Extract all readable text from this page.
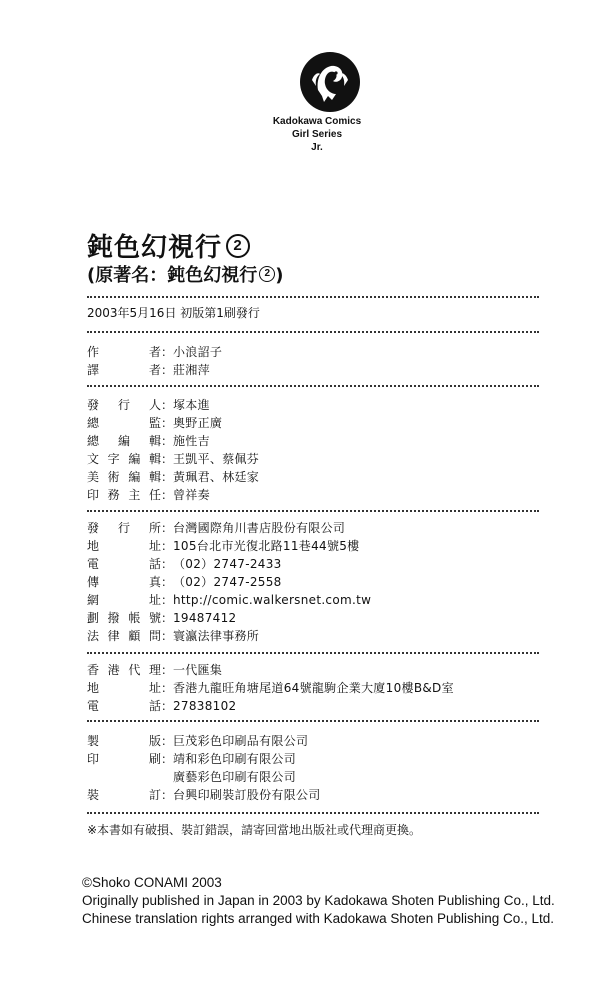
Kadokawa Comics
Girl Series
Jr.
鈍色幻視行 2
(原著名：鈍色幻視行 2 )
2003年5月16日 初版第1刷發行
作	者 ： 小浪詔子
譯	者 ： 莊湘萍
發 行 人 ： 塚本進
總	監 ： 奧野正廣
總 編 輯 ： 施性吉
文 字 編 輯 ： 王凱平、蔡佩芬
美 術 編 輯 ： 黃珮君、林廷家
印 務 主 任 ： 曾祥奏
發 行 所 ： 台灣國際角川書店股份有限公司
地	址 ： 105台北市光復北路11巷44號5樓
電	話 ： （02）2747-2433
傳	真 ： （02）2747-2558
網	址 ： http://comic.walkersnet.com.tw
劃 撥 帳 號 ： 19487412
法 律 顧 問 ： 寰瀛法律事務所
香 港 代 理 ： 一代匯集
地	址 ： 香港九龍旺角塘尾道64號龍駒企業大廈10樓B&D室
電	話 ： 27838102
製	版 ： 巨茂彩色印刷品有限公司
印	刷 ： 靖和彩色印刷有限公司
廣藝彩色印刷有限公司
裝	訂 ： 台興印刷裝訂股份有限公司
※本書如有破損、裝訂錯誤，請寄回當地出版社或代理商更換。
©Shoko CONAMI 2003
Originally published in Japan in 2003 by Kadokawa Shoten Publishing Co., Ltd.
Chinese translation rights arranged with Kadokawa Shoten Publishing Co., Ltd.
